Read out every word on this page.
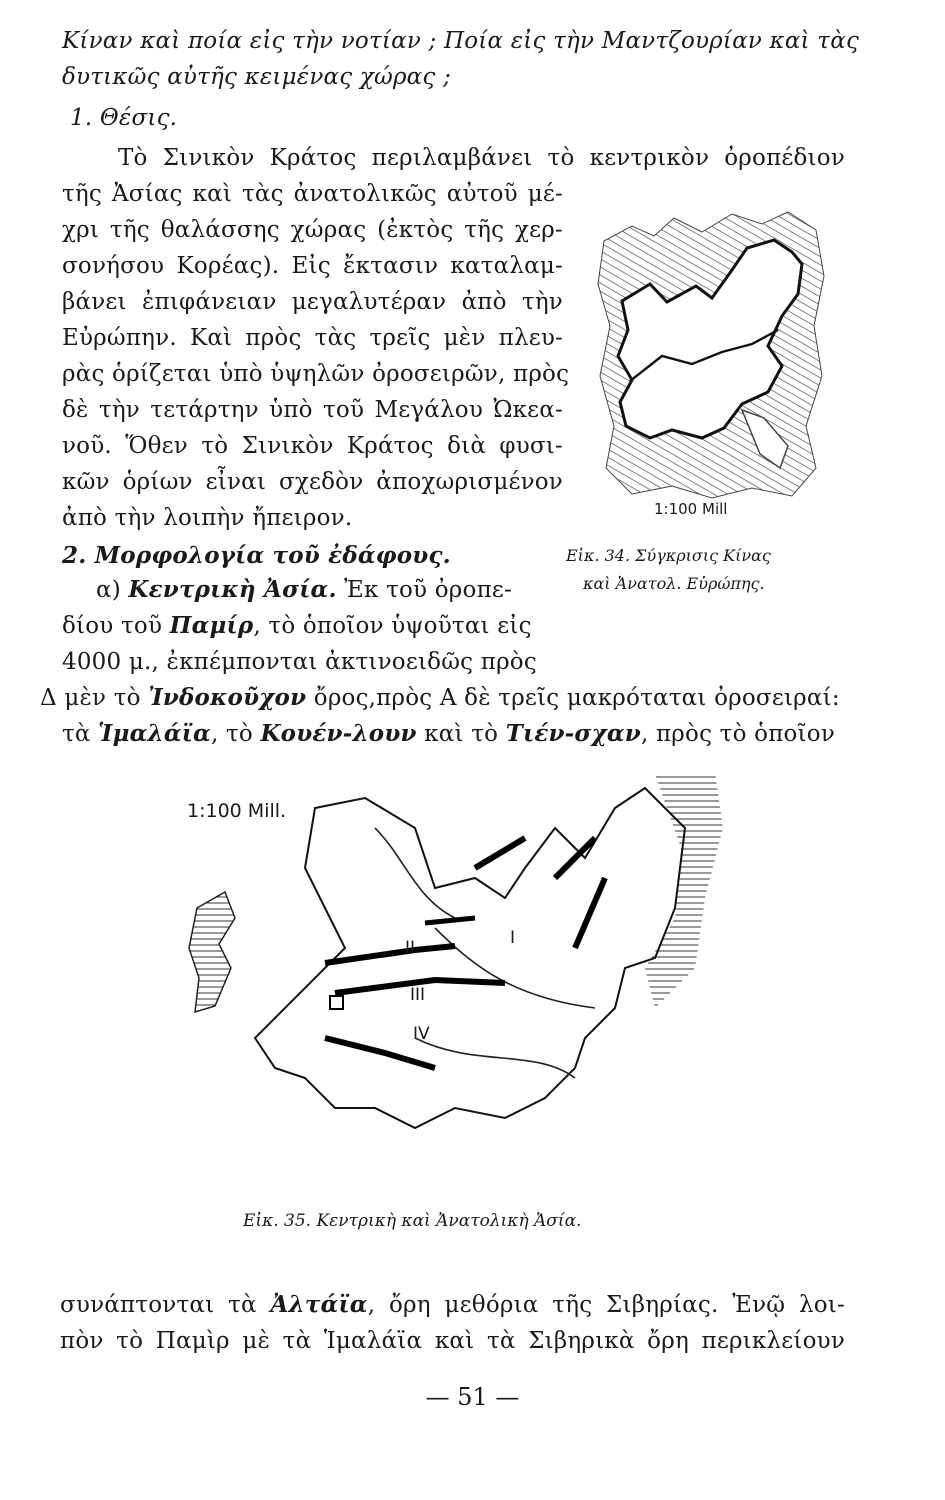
Κίναν καὶ ποία εἰς τὴν νοτίαν ; Ποία εἰς τὴν Μαντζουρίαν καὶ τὰς
δυτικῶς αὐτῆς κειμένας χώρας ;
1. Θέσις.
Τὸ Σινικὸν Κράτος περιλαμβάνει τὸ κεντρικὸν ὀροπέδιον
τῆς Ἀσίας καὶ τὰς ἀνατολικῶς αὐτοῦ μέ-
χρι τῆς θαλάσσης χώρας (ἐκτὸς τῆς χερ-
σονήσου Κορέας). Εἰς ἔκτασιν καταλαμ-
βάνει ἐπιφάνειαν μεγαλυτέραν ἀπὸ τὴν
Εὐρώπην. Καὶ πρὸς τὰς τρεῖς μὲν πλευ-
ρὰς ὁρίζεται ὑπὸ ὑψηλῶν ὀροσειρῶν, πρὸς
δὲ τὴν τετάρτην ὑπὸ τοῦ Μεγάλου Ὠκεα-
νοῦ. Ὅθεν τὸ Σινικὸν Κράτος διὰ φυσι-
κῶν ὁρίων εἶναι σχεδὸν ἀποχωρισμένον
ἀπὸ τὴν λοιπὴν ἤπειρον.	1:100 Mill
Εἰκ. 34. Σύγκρισις Κίνας
καὶ Ἀνατολ. Εὐρώπης.
2. Μορφολογία τοῦ ἐδάφους.
α) Κεντρικὴ Ἀσία. Ἐκ τοῦ ὀροπε-
δίου τοῦ Παμίρ, τὸ ὁποῖον ὑψοῦται εἰς
4000 μ., ἐκπέμπονται ἀκτινοειδῶς πρὸς
Δ μὲν τὸ Ἰνδοκοῦχον ὄρος,πρὸς Α δὲ τρεῖς μακρόταται ὀροσειραί:
τὰ Ἱμαλάϊα, τὸ Κουέν-λουν καὶ τὸ Τιέν-σχαν, πρὸς τὸ ὁποῖον
1:100 Mill.
I
II
III
IV
Εἰκ. 35. Κεντρικὴ καὶ Ἀνατολικὴ Ἀσία.
συνάπτονται τὰ Ἀλτάϊα, ὄρη μεθόρια τῆς Σιβηρίας. Ἐνῷ λοι-
πὸν τὸ Παμὶρ μὲ τὰ Ἱμαλάϊα καὶ τὰ Σιβηρικὰ ὄρη περικλείουν
— 51 —
